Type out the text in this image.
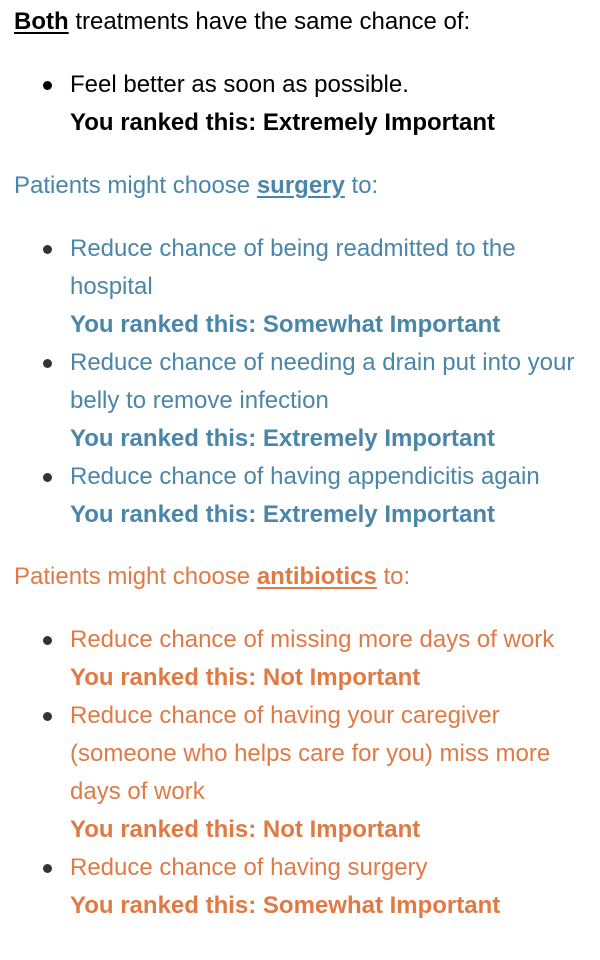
Both treatments have the same chance of:

Feel better as soon as possible.
You ranked this: Extremely Important

Patients might choose surgery to:

Reduce chance of being readmitted to the hospital
You ranked this: Somewhat Important
Reduce chance of needing a drain put into your belly to remove infection
You ranked this: Extremely Important
Reduce chance of having appendicitis again
You ranked this: Extremely Important

Patients might choose antibiotics to:

Reduce chance of missing more days of work
You ranked this: Not Important
Reduce chance of having your caregiver (someone who helps care for you) miss more days of work
You ranked this: Not Important
Reduce chance of having surgery
You ranked this: Somewhat Important
